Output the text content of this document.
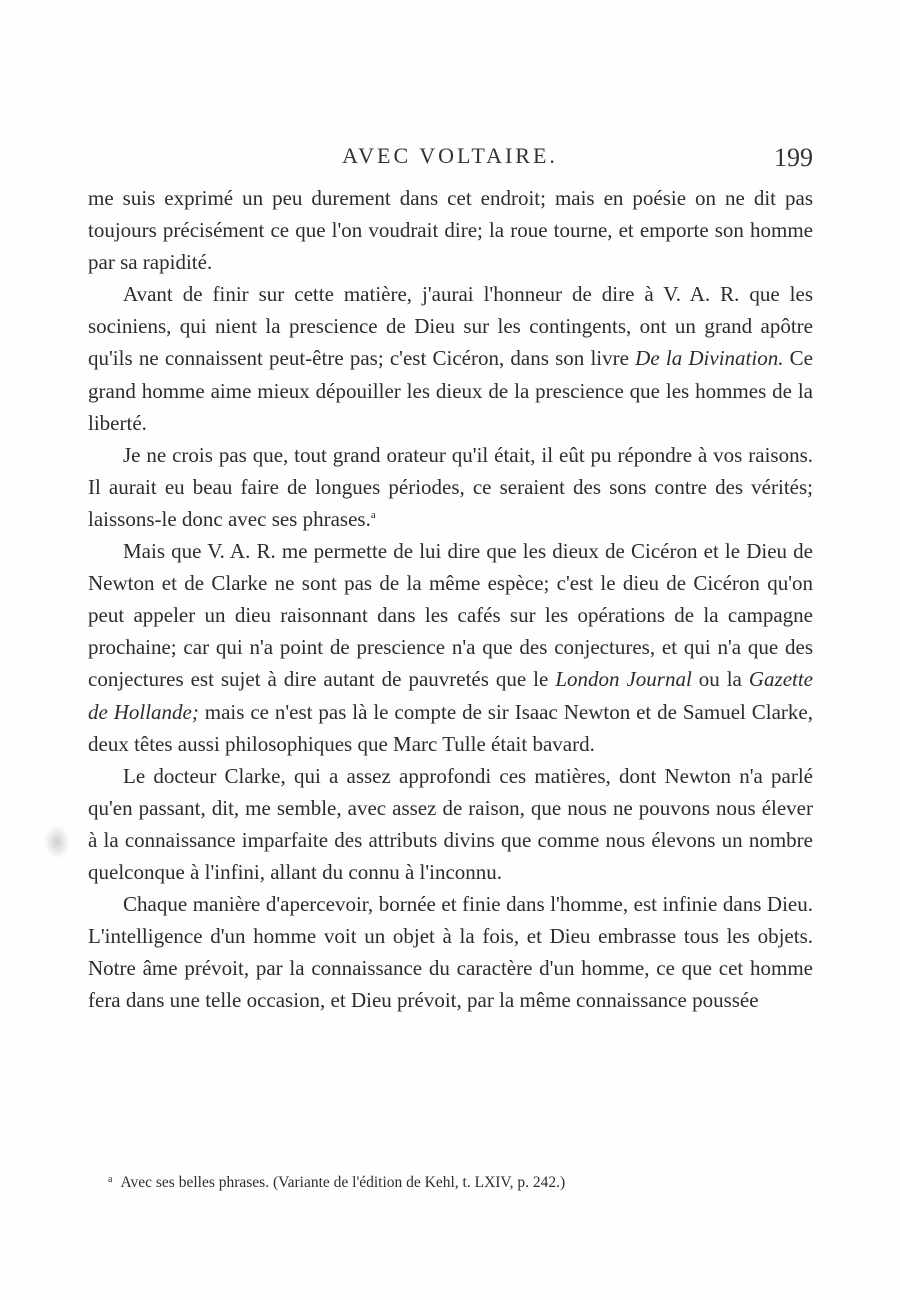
AVEC VOLTAIRE.	199

me suis exprimé un peu durement dans cet endroit; mais en poésie on ne dit pas toujours précisément ce que l'on voudrait dire; la roue tourne, et emporte son homme par sa rapidité.

Avant de finir sur cette matière, j'aurai l'honneur de dire à V. A. R. que les sociniens, qui nient la prescience de Dieu sur les contingents, ont un grand apôtre qu'ils ne connaissent peut-être pas; c'est Cicéron, dans son livre De la Divination. Ce grand homme aime mieux dépouiller les dieux de la prescience que les hommes de la liberté.

Je ne crois pas que, tout grand orateur qu'il était, il eût pu répondre à vos raisons. Il aurait eu beau faire de longues périodes, ce seraient des sons contre des vérités; laissons-le donc avec ses phrases.$^a$

Mais que V. A. R. me permette de lui dire que les dieux de Cicéron et le Dieu de Newton et de Clarke ne sont pas de la même espèce; c'est le dieu de Cicéron qu'on peut appeler un dieu raisonnant dans les cafés sur les opérations de la campagne prochaine; car qui n'a point de prescience n'a que des conjectures, et qui n'a que des conjectures est sujet à dire autant de pauvretés que le London Journal ou la Gazette de Hollande; mais ce n'est pas là le compte de sir Isaac Newton et de Samuel Clarke, deux têtes aussi philosophiques que Marc Tulle était bavard.

Le docteur Clarke, qui a assez approfondi ces matières, dont Newton n'a parlé qu'en passant, dit, me semble, avec assez de raison, que nous ne pouvons nous élever à la connaissance imparfaite des attributs divins que comme nous élevons un nombre quelconque à l'infini, allant du connu à l'inconnu.

Chaque manière d'apercevoir, bornée et finie dans l'homme, est infinie dans Dieu. L'intelligence d'un homme voit un objet à la fois, et Dieu embrasse tous les objets. Notre âme prévoit, par la connaissance du caractère d'un homme, ce que cet homme fera dans une telle occasion, et Dieu prévoit, par la même connaissance poussée

$^a$ Avec ses belles phrases. (Variante de l'édition de Kehl, t. LXIV, p. 242.)
